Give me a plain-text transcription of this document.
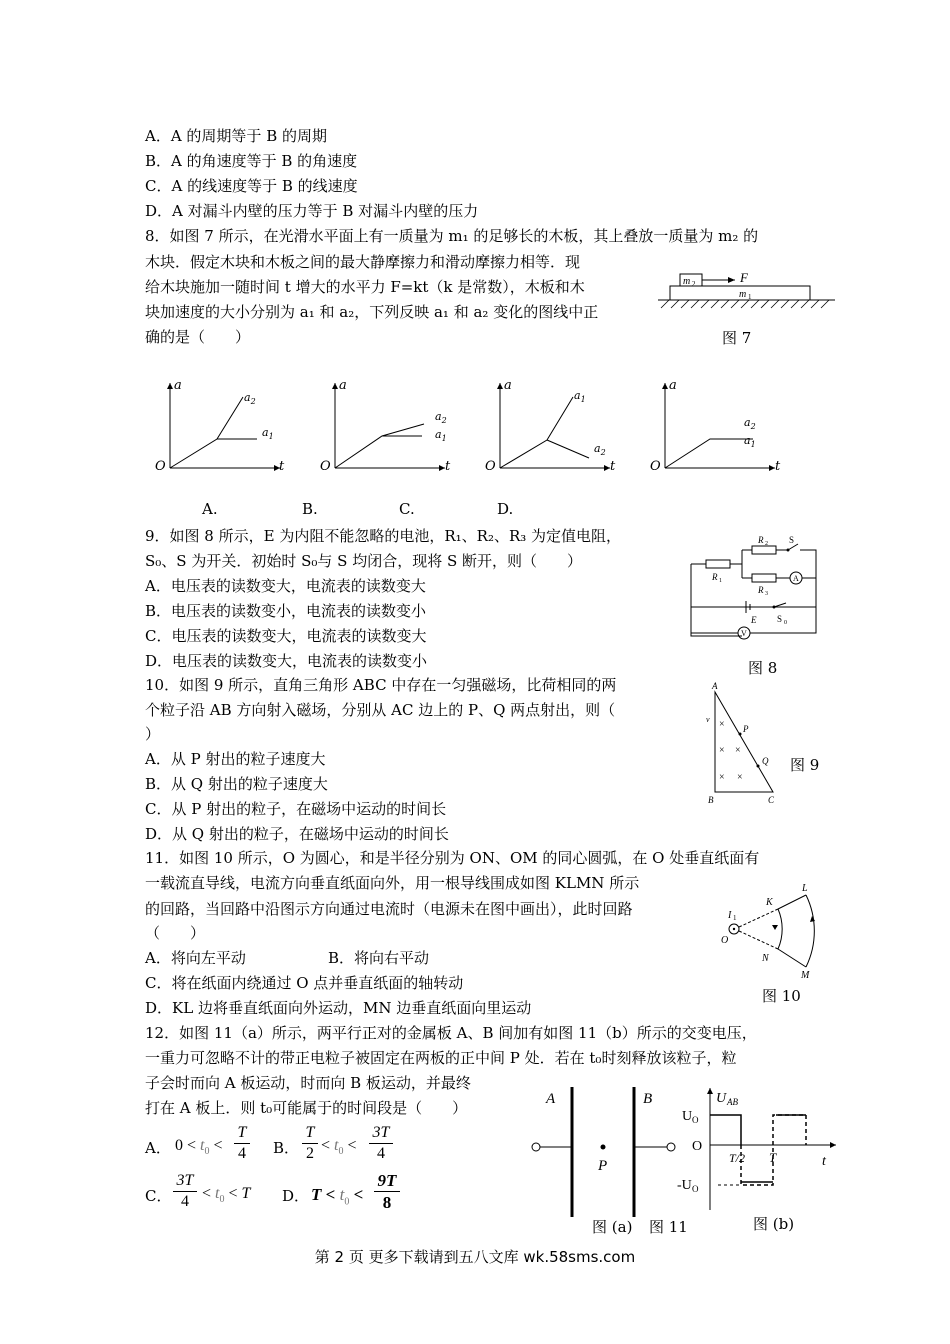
A．A 的周期等于 B 的周期
B．A 的角速度等于 B 的角速度
C．A 的线速度等于 B 的线速度
D．A 对漏斗内壁的压力等于 B 对漏斗内壁的压力
8．如图 7 所示，在光滑水平面上有一质量为 m₁ 的足够长的木板，其上叠放一质量为 m₂ 的
木块．假定木块和木板之间的最大静摩擦力和滑动摩擦力相等．现
给木块施加一随时间 t 增大的水平力 F=kt（k 是常数），木板和木
块加速度的大小分别为 a₁ 和 a₂，下列反映 a₁ 和 a₂ 变化的图线中正
确的是（　　）
m 2	F
m 1
图 7
a
O	t
$a_2$
$a_1$
a
O	t
$a_2$
$a_1$
a
O	t
$a_1$
$a_2$
a
O	t
$a_2$
$a_1$
A.	B.	C.	D.
9．如图 8 所示，E 为内阻不能忽略的电池，R₁、R₂、R₃ 为定值电阻，
S₀、S 为开关．初始时 S₀与 S 均闭合，现将 S 断开，则（　　）
A．电压表的读数变大，电流表的读数变大
B．电压表的读数变小，电流表的读数变小
C．电压表的读数变大，电流表的读数变大
D．电压表的读数变大，电流表的读数变小
R 1
R 2
R 3
S
A
V
E S 0
图 8
10．如图 9 所示，直角三角形 ABC 中存在一匀强磁场，比荷相同的两
个粒子沿 AB 方向射入磁场，分别从 AC 边上的 P、Q 两点射出，则（
）
A．从 P 射出的粒子速度大
B．从 Q 射出的粒子速度大
C．从 P 射出的粒子，在磁场中运动的时间长
D．从 Q 射出的粒子，在磁场中运动的时间长
A
B	C
P
Q
v ×
× ×
× ×
图 9
11．如图 10 所示，O 为圆心，和是半径分别为 ON、OM 的同心圆弧，在 O 处垂直纸面有
一载流直导线，电流方向垂直纸面向外，用一根导线围成如图 KLMN 所示
的回路，当回路中沿图示方向通过电流时（电源未在图中画出），此时回路
（　　）
A．将向左平动	B．将向右平动
C．将在纸面内绕通过 O 点并垂直纸面的轴转动
D．KL 边将垂直纸面向外运动，MN 边垂直纸面向里运动
K
L
M
N
O
I 1
图 10
12．如图 11（a）所示，两平行正对的金属板 A、B 间加有如图 11（b）所示的交变电压，
一重力可忽略不计的带正电粒子被固定在两板的正中间 P 处．若在 t₀时刻释放该粒子，粒
子会时而向 A 板运动，时而向 B 板运动，并最终
打在 A 板上．则 t₀可能属于的时间段是（　　）
A． $0 < t_0$ <
T
4 B．
T
$2 < t_0$ <
3T
4
C．
3T
$4 < t_0 < T$ D． $T < t_0$ <
9T
8
A	B
P
图 (a) 图 11
U AB
U O
O
-U O
T/2 T	t
图 (b)
第 2 页 更多下载请到五八文库 wk.58sms.com
